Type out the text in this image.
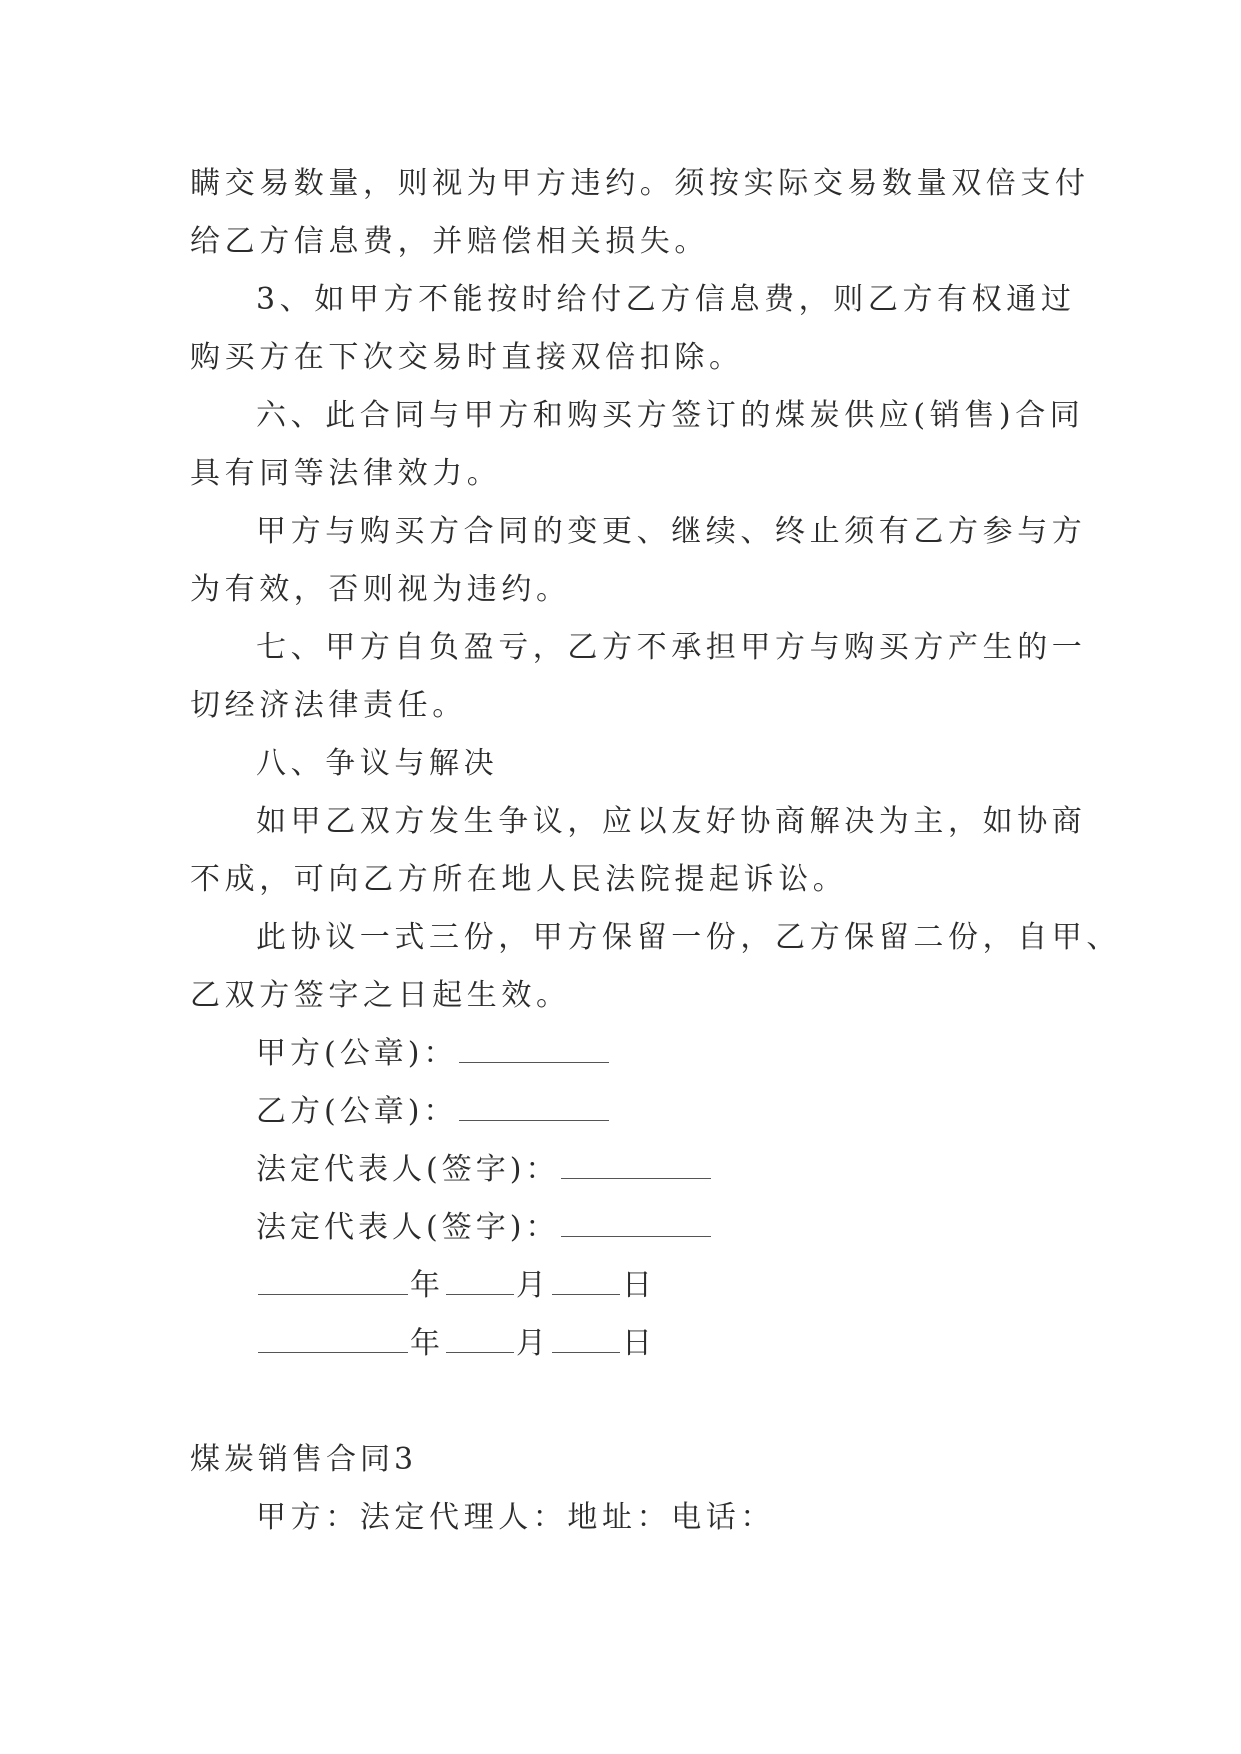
瞒交易数量，则视为甲方违约。须按实际交易数量双倍支付

给乙方信息费，并赔偿相关损失。

3、如甲方不能按时给付乙方信息费，则乙方有权通过

购买方在下次交易时直接双倍扣除。

六、此合同与甲方和购买方签订的煤炭供应(销售)合同

具有同等法律效力。

甲方与购买方合同的变更、继续、终止须有乙方参与方

为有效，否则视为违约。

七、甲方自负盈亏，乙方不承担甲方与购买方产生的一

切经济法律责任。

八、争议与解决

如甲乙双方发生争议，应以友好协商解决为主，如协商

不成，可向乙方所在地人民法院提起诉讼。

此协议一式三份，甲方保留一份，乙方保留二份，自甲、

乙双方签字之日起生效。

甲方(公章)：
乙方(公章)：
法定代表人(签字)：
法定代表人(签字)：
年 月 日
年 月 日

煤炭销售合同3

甲方：法定代理人：地址：电话：
